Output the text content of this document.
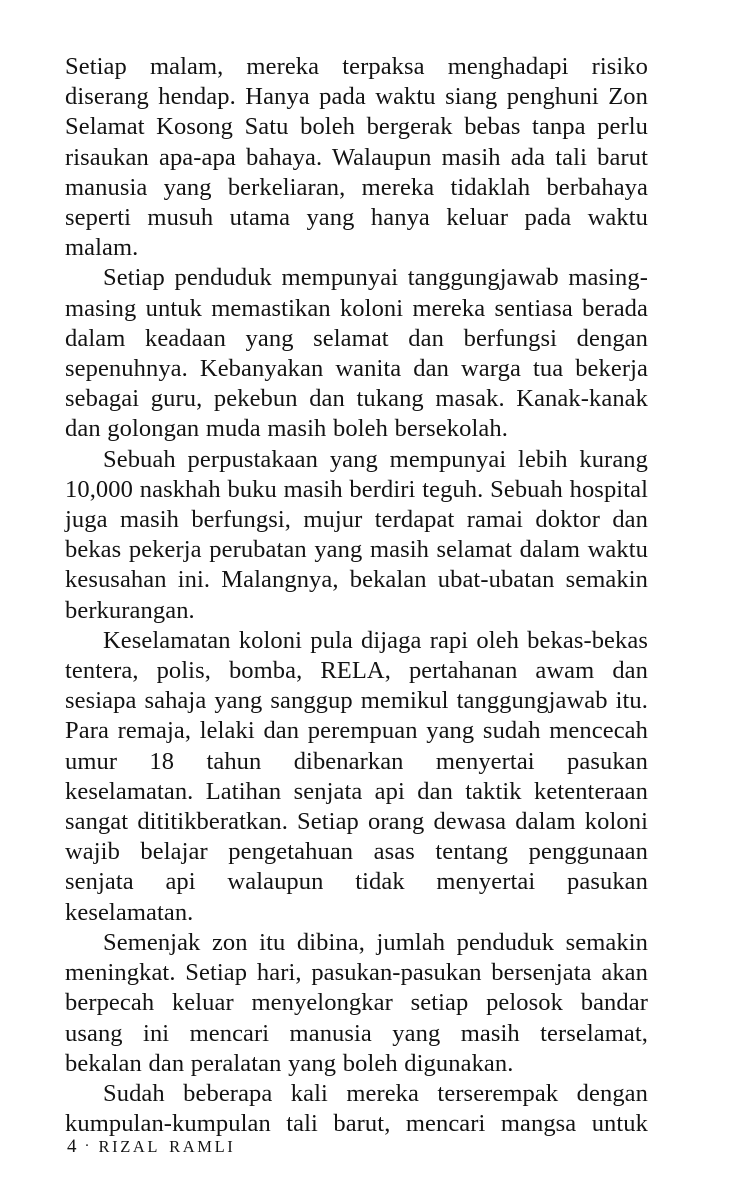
Setiap malam, mereka terpaksa menghadapi risiko diserang hendap. Hanya pada waktu siang penghuni Zon Selamat Kosong Satu boleh bergerak bebas tanpa perlu risaukan apa-apa bahaya. Walaupun masih ada tali barut manusia yang berkeliaran, mereka tidaklah berbahaya seperti musuh utama yang hanya keluar pada waktu malam.

Setiap penduduk mempunyai tanggungjawab masing-masing untuk memastikan koloni mereka sentiasa berada dalam keadaan yang selamat dan berfungsi dengan sepenuhnya. Kebanyakan wanita dan warga tua bekerja sebagai guru, pekebun dan tukang masak. Kanak-kanak dan golongan muda masih boleh bersekolah.

Sebuah perpustakaan yang mempunyai lebih kurang 10,000 naskhah buku masih berdiri teguh. Sebuah hospital juga masih berfungsi, mujur terdapat ramai doktor dan bekas pekerja perubatan yang masih selamat dalam waktu kesusahan ini. Malangnya, bekalan ubat-ubatan semakin berkurangan.

Keselamatan koloni pula dijaga rapi oleh bekas-bekas tentera, polis, bomba, RELA, pertahanan awam dan sesiapa sahaja yang sanggup memikul tanggungjawab itu. Para remaja, lelaki dan perempuan yang sudah mencecah umur 18 tahun dibenarkan menyertai pasukan keselamatan. Latihan senjata api dan taktik ketenteraan sangat dititikberatkan. Setiap orang dewasa dalam koloni wajib belajar pengetahuan asas tentang penggunaan senjata api walaupun tidak menyertai pasukan keselamatan.

Semenjak zon itu dibina, jumlah penduduk semakin meningkat. Setiap hari, pasukan-pasukan bersenjata akan berpecah keluar menyelongkar setiap pelosok bandar usang ini mencari manusia yang masih terselamat, bekalan dan peralatan yang boleh digunakan.

Sudah beberapa kali mereka terserempak dengan kumpulan-kumpulan tali barut, mencari mangsa untuk

4 · RIZAL RAMLI
